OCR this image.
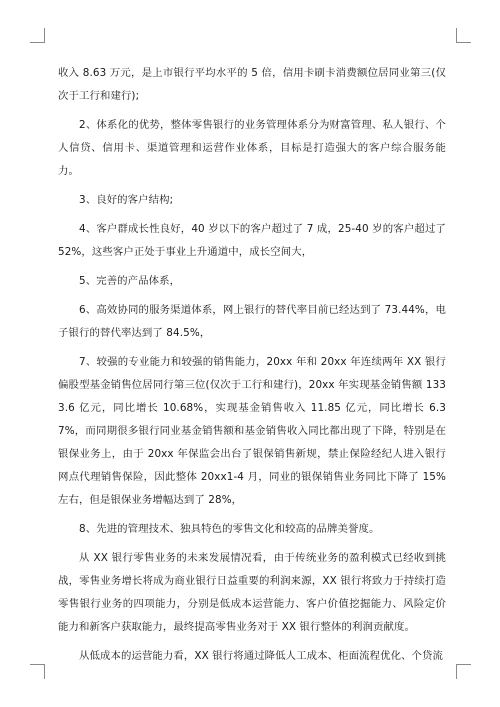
收入 8.63 万元，是上市银行平均水平的 5 倍，信用卡刷卡消费额位居同业第三(仅次于工行和建行);

2、体系化的优势，整体零售银行的业务管理体系分为财富管理、私人银行、个人信贷、信用卡、渠道管理和运营作业体系，目标是打造强大的客户综合服务能力。

3、良好的客户结构;

4、客户群成长性良好，40 岁以下的客户超过了 7 成，25-40 岁的客户超过了 52%，这些客户正处于事业上升通道中，成长空间大，

5、完善的产品体系，

6、高效协同的服务渠道体系，网上银行的替代率目前已经达到了 73.44%，电子银行的替代率达到了 84.5%，

7、较强的专业能力和较强的销售能力，20xx 年和 20xx 年连续两年 XX 银行偏股型基金销售位居同行第三位(仅次于工行和建行)，20xx 年实现基金销售额 1333.6 亿元，同比增长 10.68%，实现基金销售收入 11.85 亿元，同比增长 6.37%，而同期很多银行同业基金销售额和基金销售收入同比都出现了下降，特别是在银保业务上，由于 20xx 年保监会出台了银保销售新规，禁止保险经纪人进入银行网点代理销售保险，因此整体 20xx1-4 月，同业的银保销售业务同比下降了 15%左右，但是银保业务增幅达到了 28%，

8、先进的管理技术、独具特色的零售文化和较高的品牌美誉度。

从 XX 银行零售业务的未来发展情况看，由于传统业务的盈利模式已经收到挑战，零售业务增长将成为商业银行日益重要的利润来源，XX 银行将致力于持续打造零售银行业务的四项能力，分别是低成本运营能力、客户价值挖掘能力、风险定价能力和新客户获取能力，最终提高零售业务对于 XX 银行整体的利润贡献度。

从低成本的运营能力看，XX 银行将通过降低人工成本、柜面流程优化、个贷流
